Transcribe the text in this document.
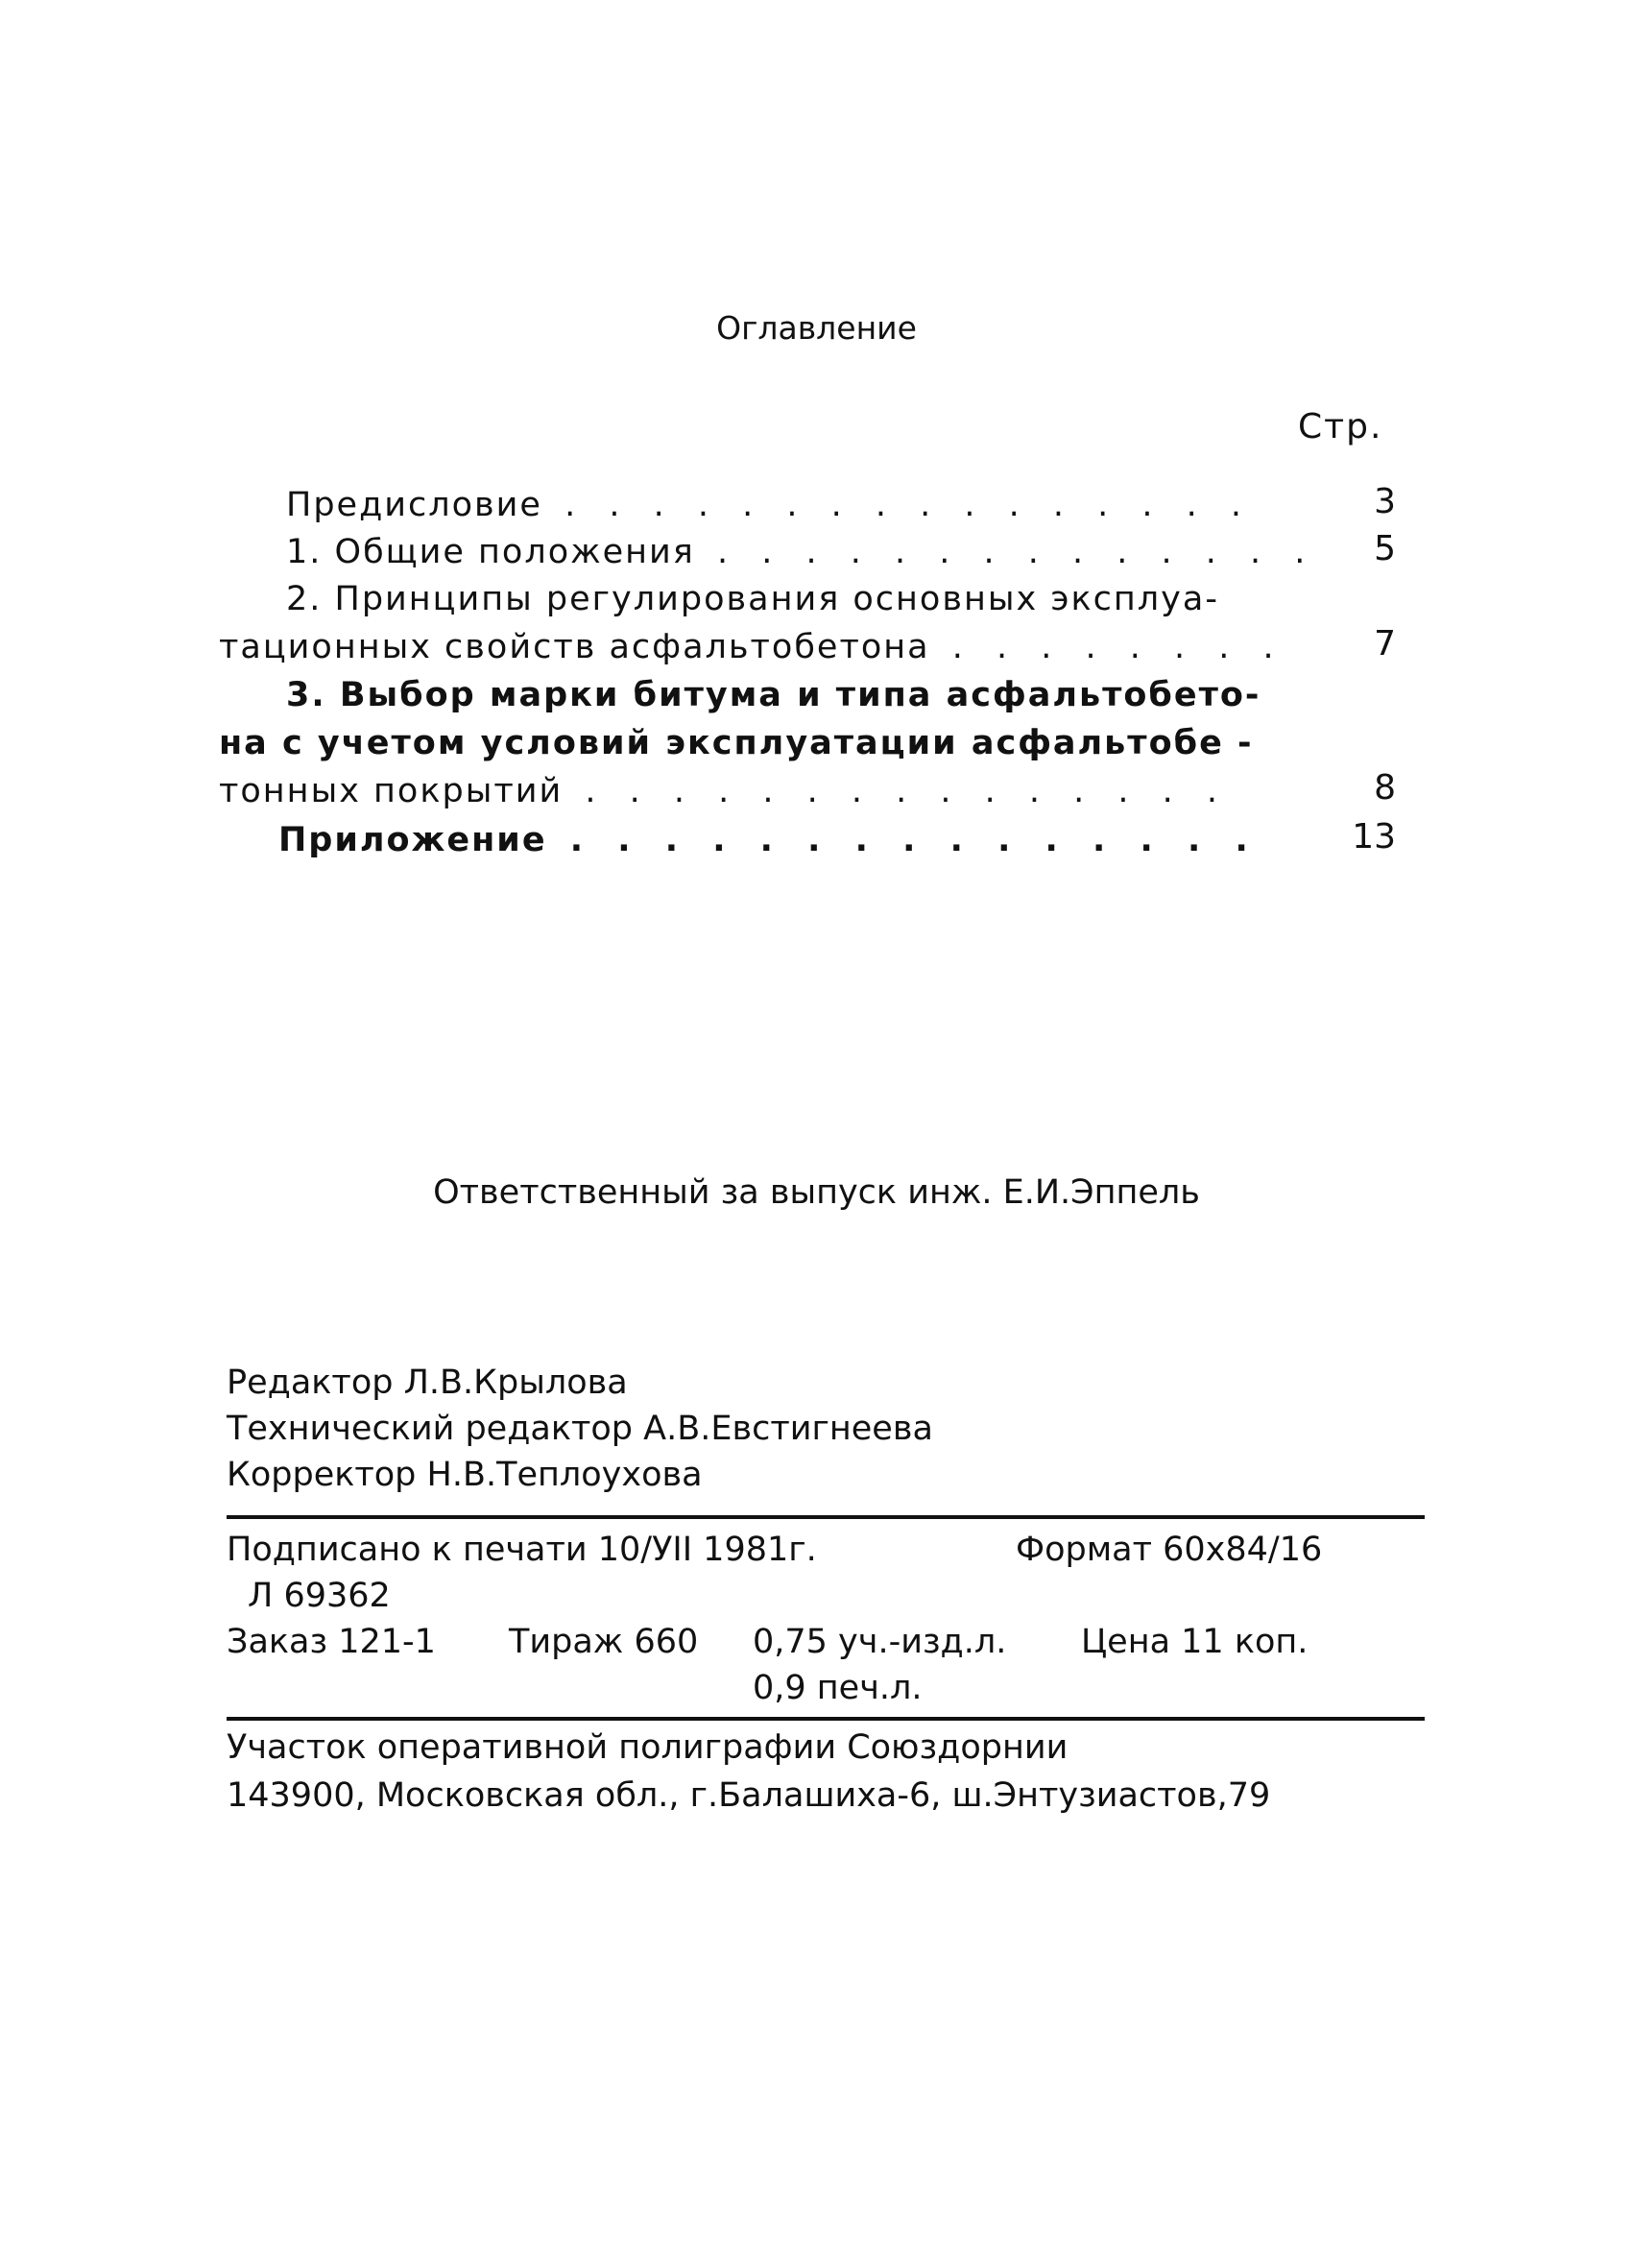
Оглавление
Стр.
Предисловие . . . . . . . . . . . . . . . .	3
1. Общие положения . . . . . . . . . . . . . .	5
2. Принципы регулирования основных эксплуа-
тационных свойств асфальтобетона . . . . . . . .	7
3. Выбор марки битума и типа асфальтобето-
на с учетом условий эксплуатации асфальтобе -
тонных покрытий . . . . . . . . . . . . . . .	8
Приложение . . . . . . . . . . . . . . .	13
Ответственный за выпуск инж. Е.И.Эппель
Редактор Л.В.Крылова
Технический редактор А.В.Евстигнеева
Корректор Н.В.Теплоухова
Подписано к печати 10/УII 1981г.	Формат 60х84/16
Л 69362
Заказ 121-1 Тираж 660 0,75 уч.-изд.л. Цена 11 коп.
0,9 печ.л.
Участок оперативной полиграфии Союздорнии
143900, Московская обл., г.Балашиха-6, ш.Энтузиастов,79
